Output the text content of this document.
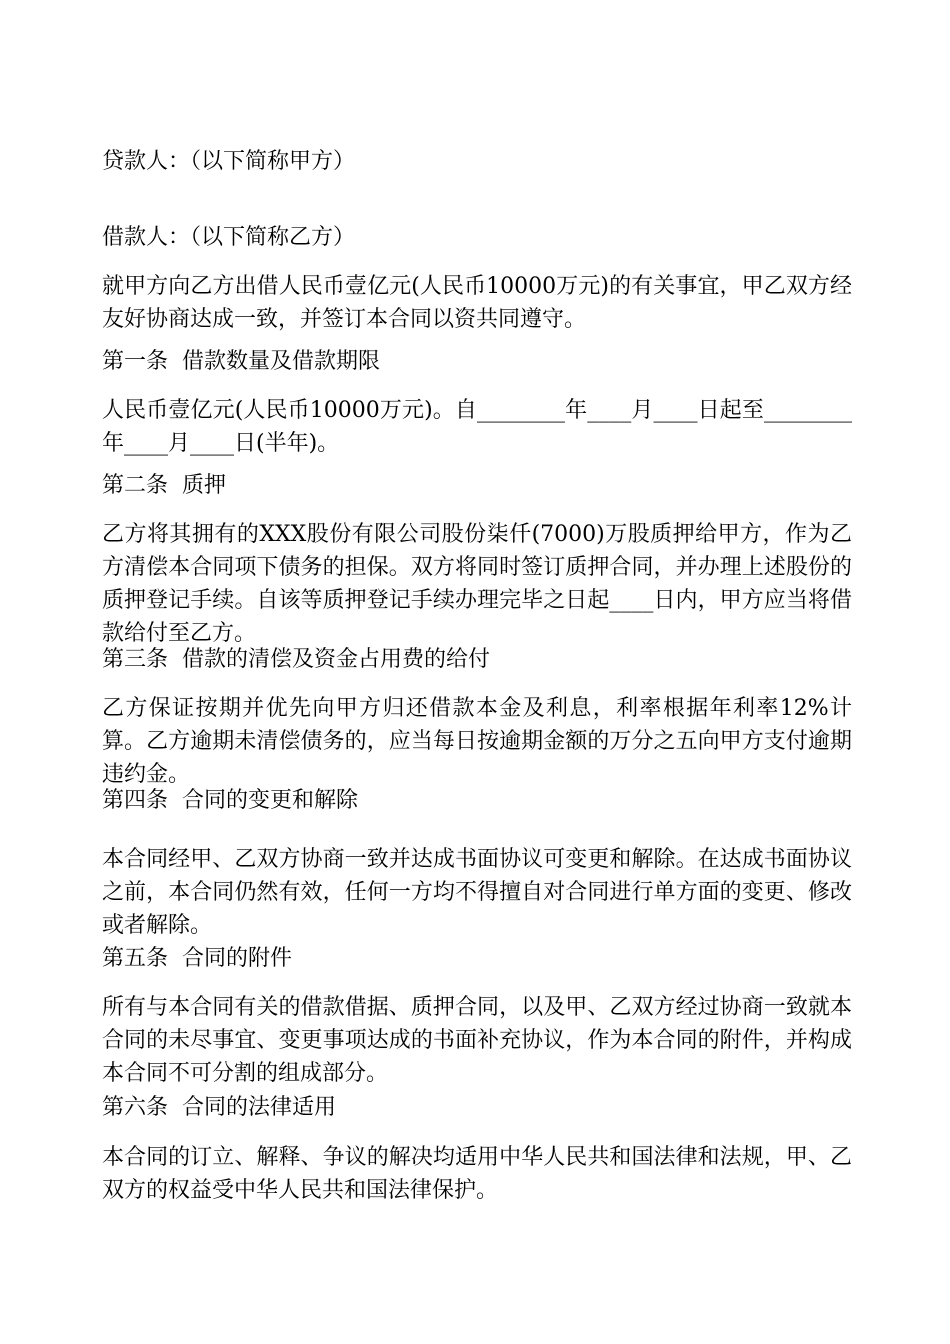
贷款人：（以下简称甲方）

借款人：（以下简称乙方）

就甲方向乙方出借人民币壹亿元(人民币10000万元)的有关事宜，甲乙双方经友好协商达成一致，并签订本合同以资共同遵守。

第一条  借款数量及借款期限

人民币壹亿元(人民币10000万元)。自________年____月____日起至________年____月____日(半年)。

第二条  质押

乙方将其拥有的XXX股份有限公司股份柒仟(7000)万股质押给甲方，作为乙方清偿本合同项下债务的担保。双方将同时签订质押合同，并办理上述股份的质押登记手续。自该等质押登记手续办理完毕之日起____日内，甲方应当将借款给付至乙方。

第三条  借款的清偿及资金占用费的给付

乙方保证按期并优先向甲方归还借款本金及利息，利率根据年利率12%计算。乙方逾期未清偿债务的，应当每日按逾期金额的万分之五向甲方支付逾期违约金。

第四条  合同的变更和解除

本合同经甲、乙双方协商一致并达成书面协议可变更和解除。在达成书面协议之前，本合同仍然有效，任何一方均不得擅自对合同进行单方面的变更、修改或者解除。

第五条  合同的附件

所有与本合同有关的借款借据、质押合同，以及甲、乙双方经过协商一致就本合同的未尽事宜、变更事项达成的书面补充协议，作为本合同的附件，并构成本合同不可分割的组成部分。

第六条  合同的法律适用

本合同的订立、解释、争议的解决均适用中华人民共和国法律和法规，甲、乙双方的权益受中华人民共和国法律保护。
